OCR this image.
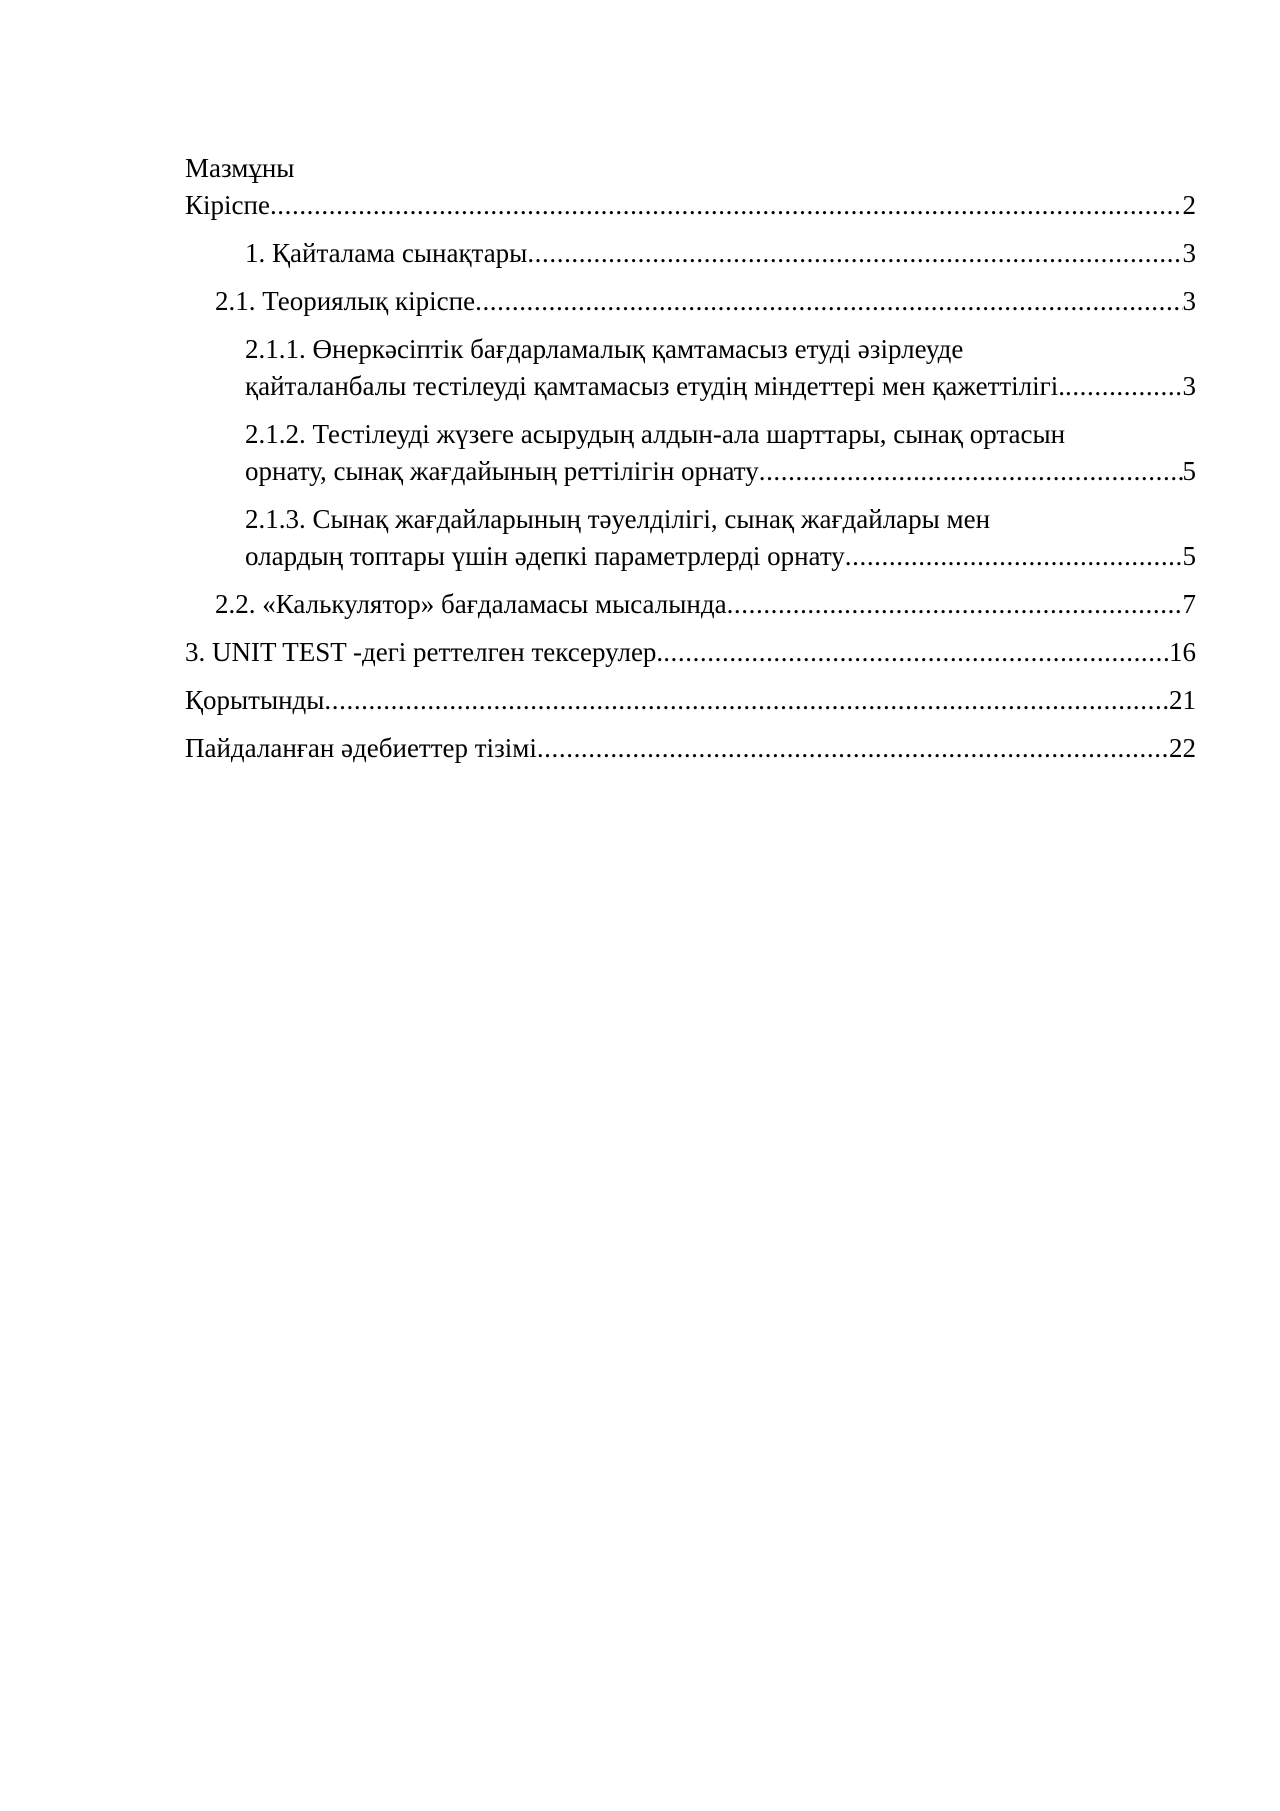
Мазмұны
Кіріспе .....	2
1. Қайталама сынақтары .....	3
2.1. Теориялық кіріспе .....	3
2.1.1. Өнеркәсіптік бағдарламалық қамтамасыз етуді әзірлеуде
қайталанбалы тестілеуді қамтамасыз етудің міндеттері мен қажеттілігі. .....	3
2.1.2. Тестілеуді жүзеге асырудың алдын-ала шарттары, сынақ ортасын
орнату, сынақ жағдайының реттілігін орнату .....	5
2.1.3. Сынақ жағдайларының тәуелділігі, сынақ жағдайлары мен
олардың топтары үшін әдепкі параметрлерді орнату .....	5
2.2. «Калькулятор» бағдаламасы мысалында .....	7
3. UNIT TEST -дегі реттелген тексерулер. .....	16
Қорытынды .....	21
Пайдаланған әдебиеттер тізімі .....	22
